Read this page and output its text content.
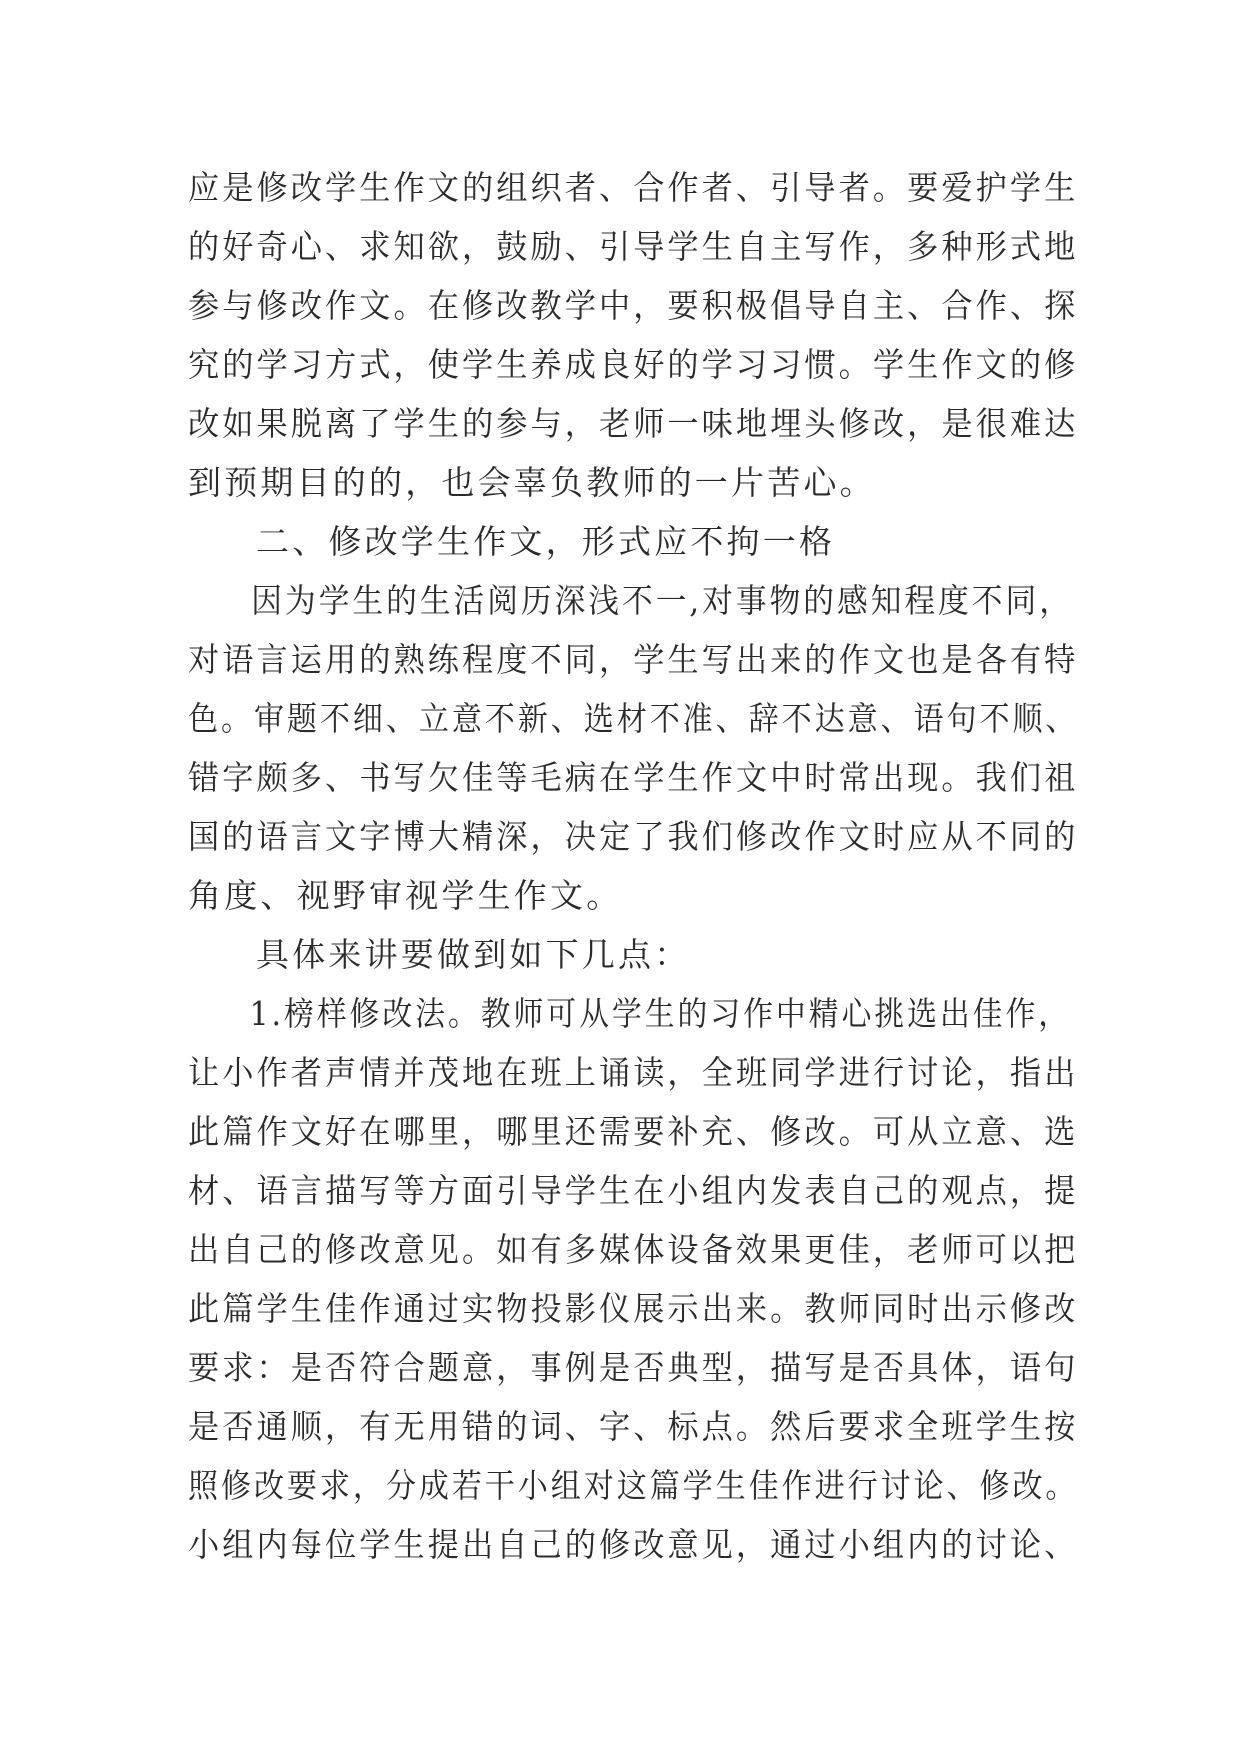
应是修改学生作文的组织者、合作者、引导者。要爱护学生
的好奇心、求知欲，鼓励、引导学生自主写作，多种形式地
参与修改作文。在修改教学中，要积极倡导自主、合作、探
究的学习方式，使学生养成良好的学习习惯。学生作文的修
改如果脱离了学生的参与，老师一味地埋头修改，是很难达
到预期目的的，也会辜负教师的一片苦心。
二、修改学生作文，形式应不拘一格
因为学生的生活阅历深浅不一,对事物的感知程度不同，
对语言运用的熟练程度不同，学生写出来的作文也是各有特
色。审题不细、立意不新、选材不准、辞不达意、语句不顺、
错字颇多、书写欠佳等毛病在学生作文中时常出现。我们祖
国的语言文字博大精深，决定了我们修改作文时应从不同的
角度、视野审视学生作文。
具体来讲要做到如下几点：
1.榜样修改法。教师可从学生的习作中精心挑选出佳作，
让小作者声情并茂地在班上诵读，全班同学进行讨论，指出
此篇作文好在哪里，哪里还需要补充、修改。可从立意、选
材、语言描写等方面引导学生在小组内发表自己的观点，提
出自己的修改意见。如有多媒体设备效果更佳，老师可以把
此篇学生佳作通过实物投影仪展示出来。教师同时出示修改
要求：是否符合题意，事例是否典型，描写是否具体，语句
是否通顺，有无用错的词、字、标点。然后要求全班学生按
照修改要求，分成若干小组对这篇学生佳作进行讨论、修改。
小组内每位学生提出自己的修改意见，通过小组内的讨论、
